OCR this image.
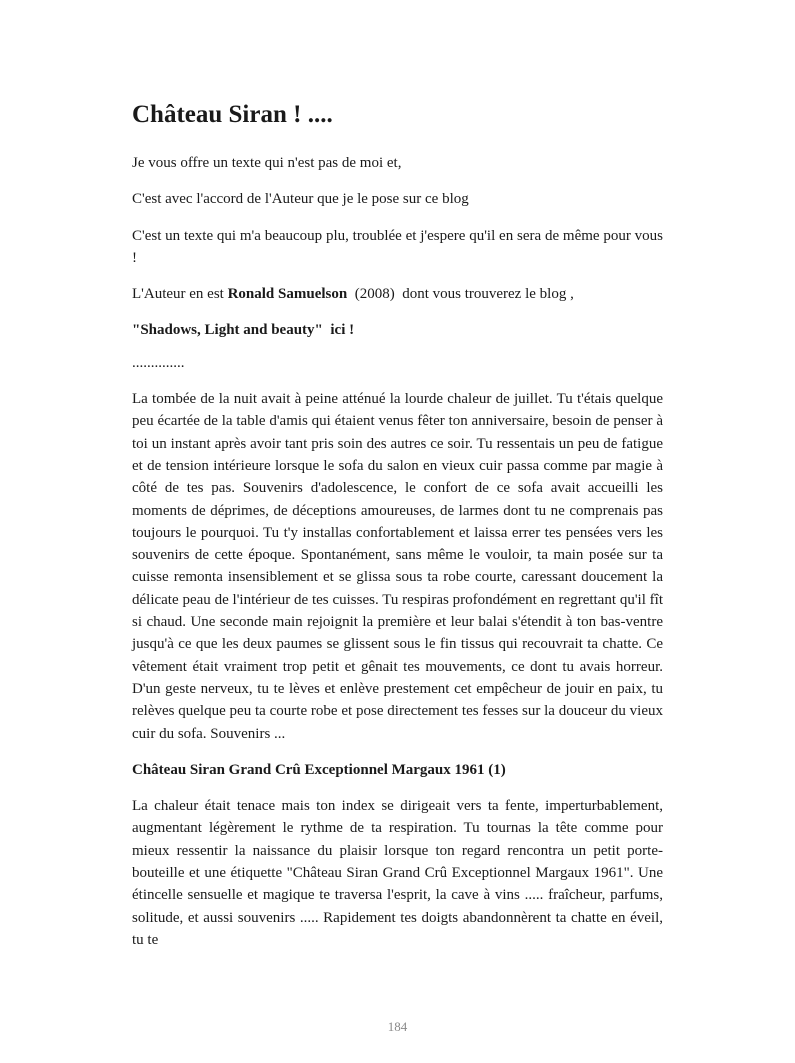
Château Siran ! ....

Je vous offre un texte qui n'est pas de moi et,

C'est avec l'accord de l'Auteur que je le pose sur ce blog

C'est un texte qui m'a beaucoup plu, troublée et j'espere qu'il en sera de même pour vous !

L'Auteur en est Ronald Samuelson  (2008)  dont vous trouverez le blog ,

"Shadows, Light and beauty"  ici !

..............

La tombée de la nuit avait à peine atténué la lourde chaleur de juillet. Tu t'étais quelque peu écartée de la table d'amis qui étaient venus fêter ton anniversaire, besoin de penser à toi un instant après avoir tant pris soin des autres ce soir. Tu ressentais un peu de fatigue et de tension intérieure lorsque le sofa du salon en vieux cuir passa comme par magie à côté de tes pas. Souvenirs d'adolescence, le confort de ce sofa avait accueilli les moments de déprimes, de déceptions amoureuses, de larmes dont tu ne comprenais pas toujours le pourquoi. Tu t'y installas confortablement et laissa errer tes pensées vers les souvenirs de cette époque. Spontanément, sans même le vouloir, ta main posée sur ta cuisse remonta insensiblement et se glissa sous ta robe courte, caressant doucement la délicate peau de l'intérieur de tes cuisses. Tu respiras profondément en regrettant qu'il fît si chaud. Une seconde main rejoignit la première et leur balai s'étendit à ton bas-ventre jusqu'à ce que les deux paumes se glissent sous le fin tissus qui recouvrait ta chatte. Ce vêtement était vraiment trop petit et gênait tes mouvements, ce dont tu avais horreur. D'un geste nerveux, tu te lèves et enlève prestement cet empêcheur de jouir en paix, tu relèves quelque peu ta courte robe et pose directement tes fesses sur la douceur du vieux cuir du sofa. Souvenirs ...

Château Siran Grand Crû Exceptionnel Margaux 1961 (1)

La chaleur était tenace mais ton index se dirigeait vers ta fente, imperturbablement, augmentant légèrement le rythme de ta respiration. Tu tournas la tête comme pour mieux ressentir la naissance du plaisir lorsque ton regard rencontra un petit porte-bouteille et une étiquette "Château Siran Grand Crû Exceptionnel Margaux 1961". Une étincelle sensuelle et magique te traversa l'esprit, la cave à vins ..... fraîcheur, parfums, solitude, et aussi souvenirs ..... Rapidement tes doigts abandonnèrent ta chatte en éveil, tu te

184
